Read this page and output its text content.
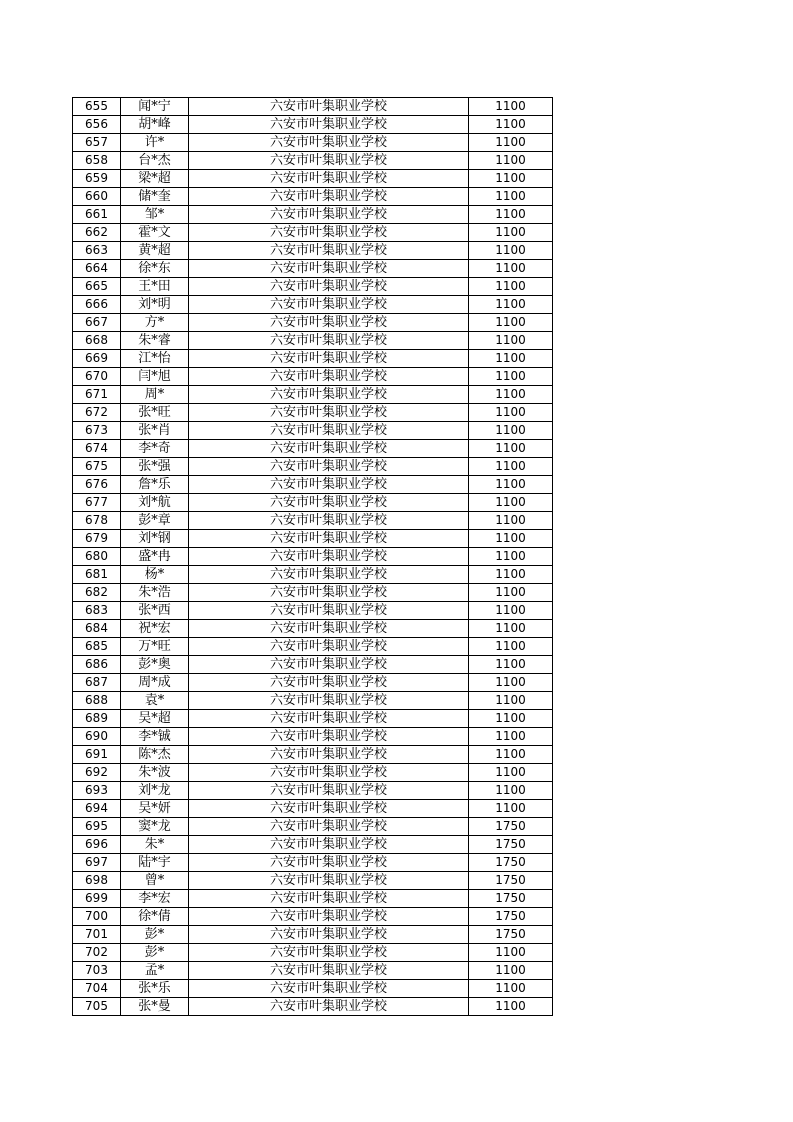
655	闻*宁	六安市叶集职业学校	1100
656	胡*峰	六安市叶集职业学校	1100
657	许*	六安市叶集职业学校	1100
658	台*杰	六安市叶集职业学校	1100
659	梁*超	六安市叶集职业学校	1100
660	储*奎	六安市叶集职业学校	1100
661	邹*	六安市叶集职业学校	1100
662	霍*文	六安市叶集职业学校	1100
663	黄*超	六安市叶集职业学校	1100
664	徐*东	六安市叶集职业学校	1100
665	王*田	六安市叶集职业学校	1100
666	刘*明	六安市叶集职业学校	1100
667	方*	六安市叶集职业学校	1100
668	朱*睿	六安市叶集职业学校	1100
669	江*怡	六安市叶集职业学校	1100
670	闫*旭	六安市叶集职业学校	1100
671	周*	六安市叶集职业学校	1100
672	张*旺	六安市叶集职业学校	1100
673	张*肖	六安市叶集职业学校	1100
674	李*奇	六安市叶集职业学校	1100
675	张*强	六安市叶集职业学校	1100
676	詹*乐	六安市叶集职业学校	1100
677	刘*航	六安市叶集职业学校	1100
678	彭*章	六安市叶集职业学校	1100
679	刘*钢	六安市叶集职业学校	1100
680	盛*冉	六安市叶集职业学校	1100
681	杨*	六安市叶集职业学校	1100
682	朱*浩	六安市叶集职业学校	1100
683	张*西	六安市叶集职业学校	1100
684	祝*宏	六安市叶集职业学校	1100
685	万*旺	六安市叶集职业学校	1100
686	彭*奥	六安市叶集职业学校	1100
687	周*成	六安市叶集职业学校	1100
688	袁*	六安市叶集职业学校	1100
689	吴*超	六安市叶集职业学校	1100
690	李*铖	六安市叶集职业学校	1100
691	陈*杰	六安市叶集职业学校	1100
692	朱*波	六安市叶集职业学校	1100
693	刘*龙	六安市叶集职业学校	1100
694	吴*妍	六安市叶集职业学校	1100
695	窦*龙	六安市叶集职业学校	1750
696	朱*	六安市叶集职业学校	1750
697	陆*宇	六安市叶集职业学校	1750
698	曾*	六安市叶集职业学校	1750
699	李*宏	六安市叶集职业学校	1750
700	徐*倩	六安市叶集职业学校	1750
701	彭*	六安市叶集职业学校	1750
702	彭*	六安市叶集职业学校	1100
703	孟*	六安市叶集职业学校	1100
704	张*乐	六安市叶集职业学校	1100
705	张*曼	六安市叶集职业学校	1100
